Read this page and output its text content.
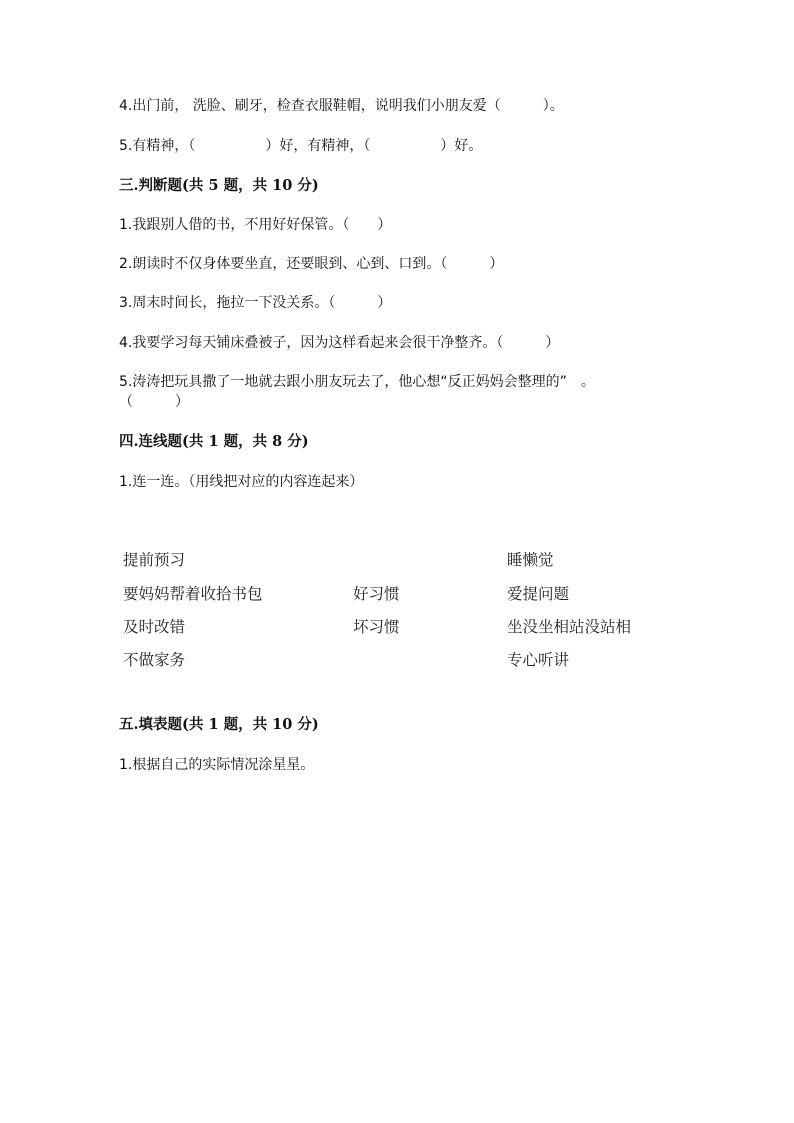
4.出门前， 洗脸、刷牙，检查衣服鞋帽，说明我们小朋友爱（　　　）。
5.有精神，（　　　　　）好，有精神，（　　　　　）好。
三.判断题(共 5 题，共 10 分)
1.我跟别人借的书，不用好好保管。（　　）
2.朗读时不仅身体要坐直，还要眼到、心到、口到。（　　　）
3.周末时间长，拖拉一下没关系。（　　　）
4.我要学习每天铺床叠被子，因为这样看起来会很干净整齐。（　　　）
5.涛涛把玩具撒了一地就去跟小朋友玩去了，他心想“反正妈妈会整理的”　。
（　　　）
四.连线题(共 1 题，共 8 分)
1.连一连。（用线把对应的内容连起来）
提前预习
要妈妈帮着收拾书包
及时改错
不做家务
好习惯
坏习惯
睡懒觉
爱提问题
坐没坐相站没站相
专心听讲
五.填表题(共 1 题，共 10 分)
1.根据自己的实际情况涂星星。
